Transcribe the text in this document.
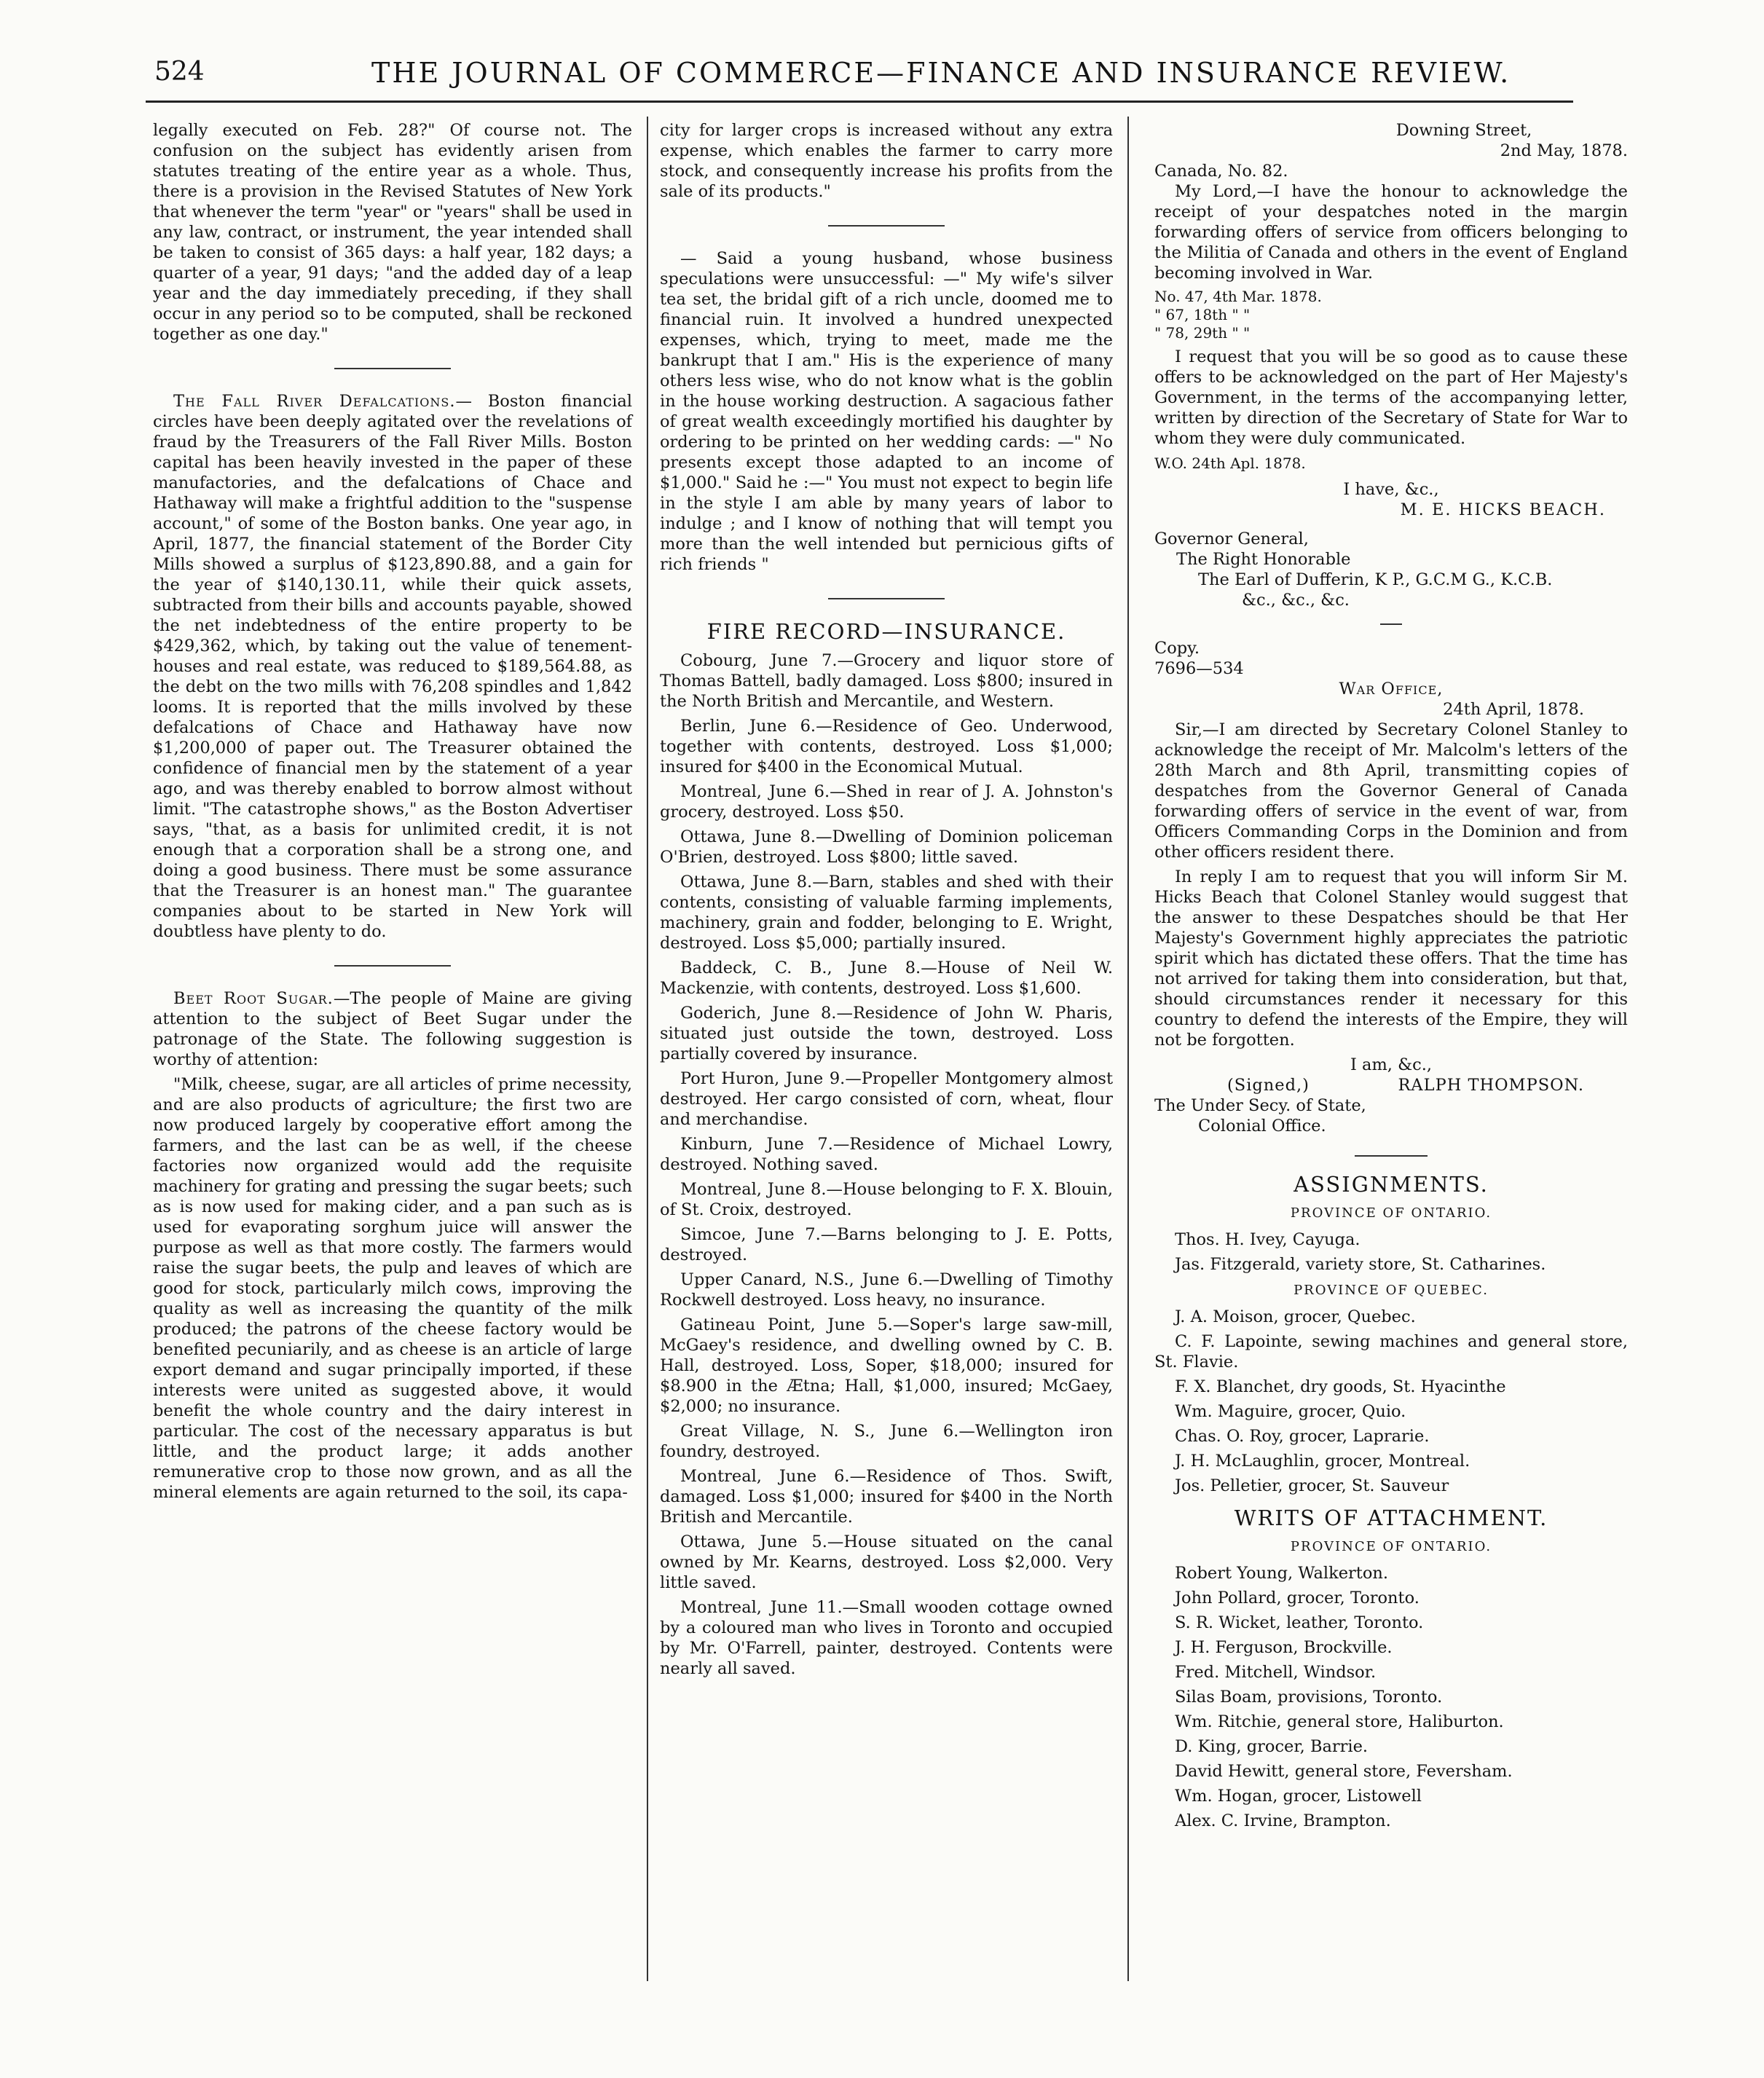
524	THE JOURNAL OF COMMERCE—FINANCE AND INSURANCE REVIEW.

legally executed on Feb. 28?" Of course not. The confusion on the subject has evidently arisen from statutes treating of the entire year as a whole. Thus, there is a provision in the Revised Statutes of New York that whenever the term "year" or "years" shall be used in any law, contract, or instrument, the year intended shall be taken to consist of 365 days: a half year, 182 days; a quarter of a year, 91 days; "and the added day of a leap year and the day immediately preceding, if they shall occur in any period so to be computed, shall be reckoned together as one day."

The Fall River Defalcations.— Boston financial circles have been deeply agitated over the revelations of fraud by the Treasurers of the Fall River Mills. Boston capital has been heavily invested in the paper of these manufactories, and the defalcations of Chace and Hathaway will make a frightful addition to the "suspense account," of some of the Boston banks. One year ago, in April, 1877, the financial statement of the Border City Mills showed a surplus of $123,890.88, and a gain for the year of $140,130.11, while their quick assets, subtracted from their bills and accounts payable, showed the net indebtedness of the entire property to be $429,362, which, by taking out the value of tenement-houses and real estate, was reduced to $189,564.88, as the debt on the two mills with 76,208 spindles and 1,842 looms. It is reported that the mills involved by these defalcations of Chace and Hathaway have now $1,200,000 of paper out. The Treasurer obtained the confidence of financial men by the statement of a year ago, and was thereby enabled to borrow almost without limit. "The catastrophe shows," as the Boston Advertiser says, "that, as a basis for unlimited credit, it is not enough that a corporation shall be a strong one, and doing a good business. There must be some assurance that the Treasurer is an honest man." The guarantee companies about to be started in New York will doubtless have plenty to do.

Beet Root Sugar.—The people of Maine are giving attention to the subject of Beet Sugar under the patronage of the State. The following suggestion is worthy of attention:

"Milk, cheese, sugar, are all articles of prime necessity, and are also products of agriculture; the first two are now produced largely by cooperative effort among the farmers, and the last can be as well, if the cheese factories now organized would add the requisite machinery for grating and pressing the sugar beets; such as is now used for making cider, and a pan such as is used for evaporating sorghum juice will answer the purpose as well as that more costly. The farmers would raise the sugar beets, the pulp and leaves of which are good for stock, particularly milch cows, improving the quality as well as increasing the quantity of the milk produced; the patrons of the cheese factory would be benefited pecuniarily, and as cheese is an article of large export demand and sugar principally imported, if these interests were united as suggested above, it would benefit the whole country and the dairy interest in particular. The cost of the necessary apparatus is but little, and the product large; it adds another remunerative crop to those now grown, and as all the mineral elements are again returned to the soil, its capa-

city for larger crops is increased without any extra expense, which enables the farmer to carry more stock, and consequently increase his profits from the sale of its products."

— Said a young husband, whose business speculations were unsuccessful: —" My wife's silver tea set, the bridal gift of a rich uncle, doomed me to financial ruin. It involved a hundred unexpected expenses, which, trying to meet, made me the bankrupt that I am." His is the experience of many others less wise, who do not know what is the goblin in the house working destruction. A sagacious father of great wealth exceedingly mortified his daughter by ordering to be printed on her wedding cards: —" No presents except those adapted to an income of $1,000." Said he :—" You must not expect to begin life in the style I am able by many years of labor to indulge ; and I know of nothing that will tempt you more than the well intended but pernicious gifts of rich friends "

FIRE RECORD—INSURANCE.

Cobourg, June 7.—Grocery and liquor store of Thomas Battell, badly damaged. Loss $800; insured in the North British and Mercantile, and Western.

Berlin, June 6.—Residence of Geo. Underwood, together with contents, destroyed. Loss $1,000; insured for $400 in the Economical Mutual.

Montreal, June 6.—Shed in rear of J. A. Johnston's grocery, destroyed. Loss $50.

Ottawa, June 8.—Dwelling of Dominion policeman O'Brien, destroyed. Loss $800; little saved.

Ottawa, June 8.—Barn, stables and shed with their contents, consisting of valuable farming implements, machinery, grain and fodder, belonging to E. Wright, destroyed. Loss $5,000; partially insured.

Baddeck, C. B., June 8.—House of Neil W. Mackenzie, with contents, destroyed. Loss $1,600.

Goderich, June 8.—Residence of John W. Pharis, situated just outside the town, destroyed. Loss partially covered by insurance.

Port Huron, June 9.—Propeller Montgomery almost destroyed. Her cargo consisted of corn, wheat, flour and merchandise.

Kinburn, June 7.—Residence of Michael Lowry, destroyed. Nothing saved.

Montreal, June 8.—House belonging to F. X. Blouin, of St. Croix, destroyed.

Simcoe, June 7.—Barns belonging to J. E. Potts, destroyed.

Upper Canard, N.S., June 6.—Dwelling of Timothy Rockwell destroyed. Loss heavy, no insurance.

Gatineau Point, June 5.—Soper's large saw-mill, McGaey's residence, and dwelling owned by C. B. Hall, destroyed. Loss, Soper, $18,000; insured for $8.900 in the Ætna; Hall, $1,000, insured; McGaey, $2,000; no insurance.

Great Village, N. S., June 6.—Wellington iron foundry, destroyed.

Montreal, June 6.—Residence of Thos. Swift, damaged. Loss $1,000; insured for $400 in the North British and Mercantile.

Ottawa, June 5.—House situated on the canal owned by Mr. Kearns, destroyed. Loss $2,000. Very little saved.

Montreal, June 11.—Small wooden cottage owned by a coloured man who lives in Toronto and occupied by Mr. O'Farrell, painter, destroyed. Contents were nearly all saved.

Downing Street,
2nd May, 1878.
Canada, No. 82.

My Lord,—I have the honour to acknowledge the receipt of your despatches noted in the margin forwarding offers of service from officers belonging to the Militia of Canada and others in the event of England becoming involved in War.

No. 47, 4th Mar. 1878.
" 67, 18th " "
" 78, 29th " "

I request that you will be so good as to cause these offers to be acknowledged on the part of Her Majesty's Government, in the terms of the accompanying letter, written by direction of the Secretary of State for War to whom they were duly communicated.

W.O. 24th Apl. 1878.
I have, &c.,
M. E. HICKS BEACH.
Governor General,
The Right Honorable
The Earl of Dufferin, K P., G.C.M G., K.C.B.
&c., &c., &c.
Copy.
7696—534
War Office,
24th April, 1878.

Sir,—I am directed by Secretary Colonel Stanley to acknowledge the receipt of Mr. Malcolm's letters of the 28th March and 8th April, transmitting copies of despatches from the Governor General of Canada forwarding offers of service in the event of war, from Officers Commanding Corps in the Dominion and from other officers resident there.

In reply I am to request that you will inform Sir M. Hicks Beach that Colonel Stanley would suggest that the answer to these Despatches should be that Her Majesty's Government highly appreciates the patriotic spirit which has dictated these offers. That the time has not arrived for taking them into consideration, but that, should circumstances render it necessary for this country to defend the interests of the Empire, they will not be forgotten.

I am, &c.,
(Signed,)	RALPH THOMPSON.
The Under Secy. of State,
Colonial Office.
ASSIGNMENTS.
PROVINCE OF ONTARIO.

Thos. H. Ivey, Cayuga.

Jas. Fitzgerald, variety store, St. Catharines.

PROVINCE OF QUEBEC.

J. A. Moison, grocer, Quebec.

C. F. Lapointe, sewing machines and general store, St. Flavie.

F. X. Blanchet, dry goods, St. Hyacinthe

Wm. Maguire, grocer, Quio.

Chas. O. Roy, grocer, Laprarie.

J. H. McLaughlin, grocer, Montreal.

Jos. Pelletier, grocer, St. Sauveur

WRITS OF ATTACHMENT.
PROVINCE OF ONTARIO.

Robert Young, Walkerton.

John Pollard, grocer, Toronto.

S. R. Wicket, leather, Toronto.

J. H. Ferguson, Brockville.

Fred. Mitchell, Windsor.

Silas Boam, provisions, Toronto.

Wm. Ritchie, general store, Haliburton.

D. King, grocer, Barrie.

David Hewitt, general store, Feversham.

Wm. Hogan, grocer, Listowell

Alex. C. Irvine, Brampton.
